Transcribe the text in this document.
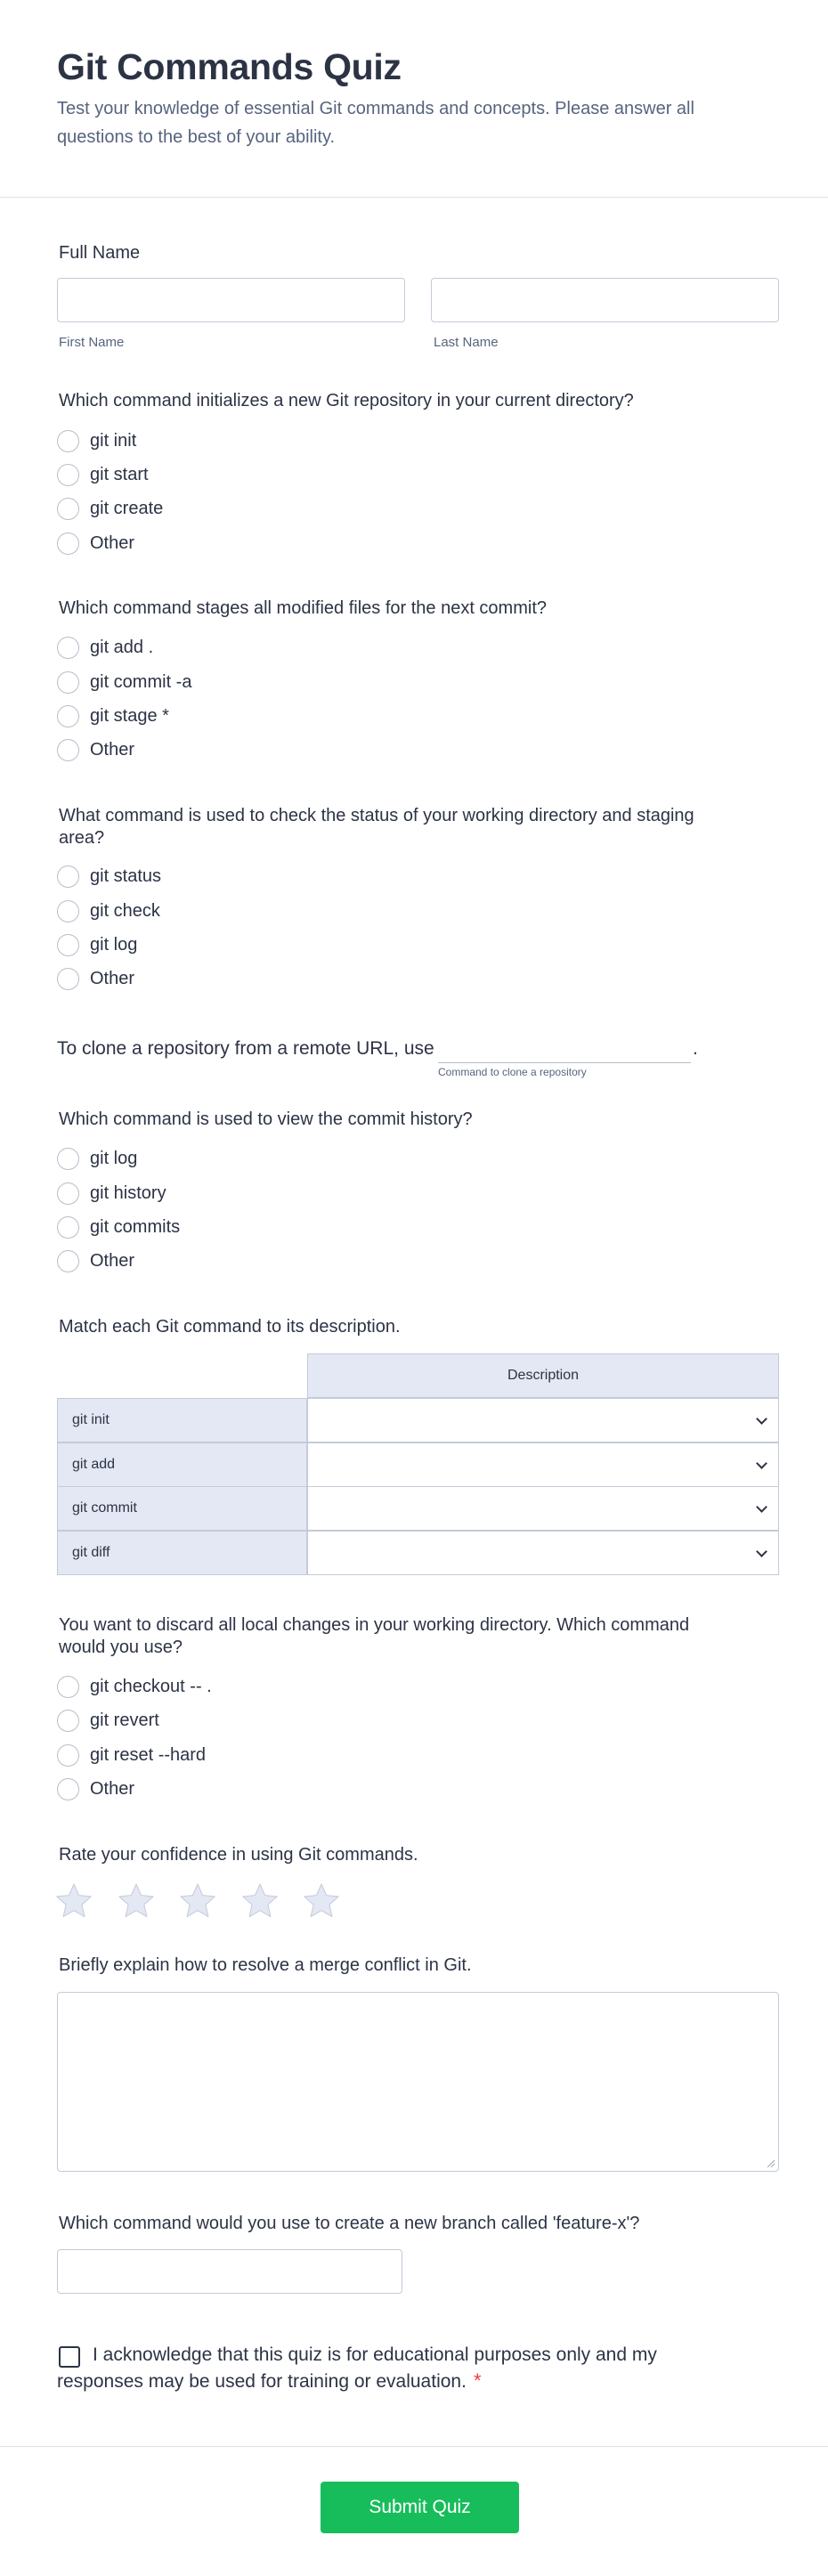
Git Commands Quiz
Test your knowledge of essential Git commands and concepts. Please answer all questions to the best of your ability.
Full Name
First Name	Last Name
Which command initializes a new Git repository in your current directory?
git init
git start
git create
Other
Which command stages all modified files for the next commit?
git add .
git commit -a
git stage *
Other
What command is used to check the status of your working directory and staging
area?
git status
git check
git log
Other
To clone a repository from a remote URL, use	.
Command to clone a repository
Which command is used to view the commit history?
git log
git history
git commits
Other
Match each Git command to its description.
Description
git init
git add
git commit
git diff
You want to discard all local changes in your working directory. Which command
would you use?
git checkout -- .
git revert
git reset --hard
Other
Rate your confidence in using Git commands.
Briefly explain how to resolve a merge conflict in Git.
Which command would you use to create a new branch called 'feature-x'?
I acknowledge that this quiz is for educational purposes only and my
responses may be used for training or evaluation. *
Submit Quiz
